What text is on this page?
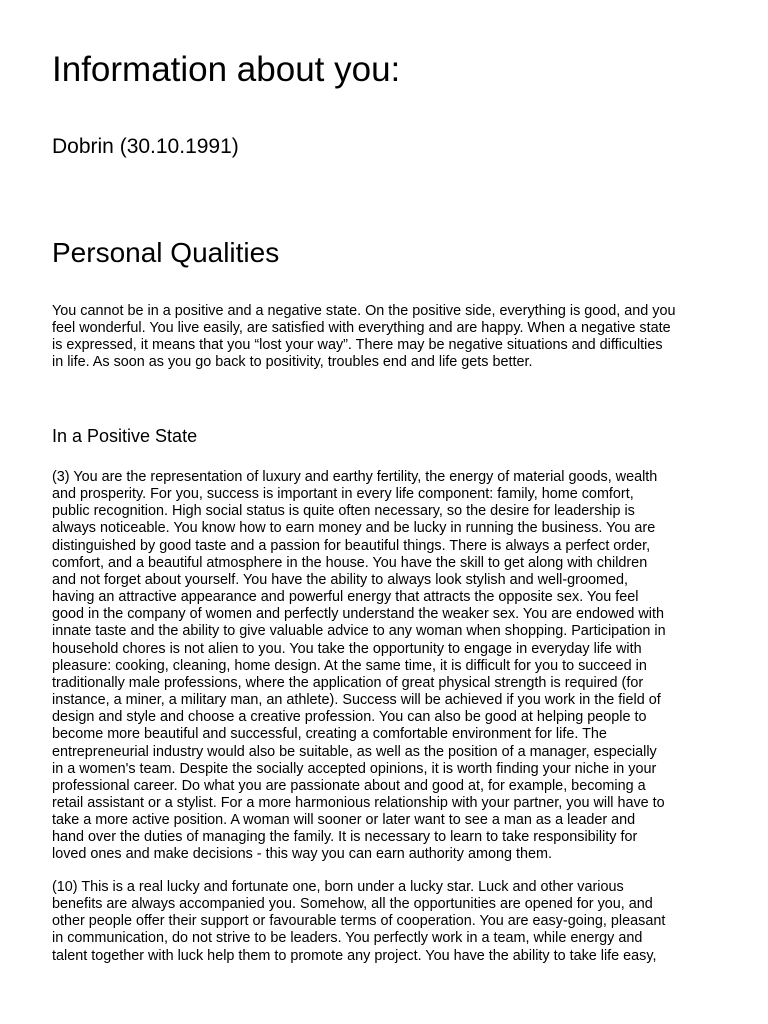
Information about you:
Dobrin (30.10.1991)
Personal Qualities

You cannot be in a positive and a negative state. On the positive side, everything is good, and you
feel wonderful. You live easily, are satisfied with everything and are happy. When a negative state
is expressed, it means that you “lost your way”. There may be negative situations and difficulties
in life. As soon as you go back to positivity, troubles end and life gets better.

In a Positive State

(3) You are the representation of luxury and earthy fertility, the energy of material goods, wealth
and prosperity. For you, success is important in every life component: family, home comfort,
public recognition. High social status is quite often necessary, so the desire for leadership is
always noticeable. You know how to earn money and be lucky in running the business. You are
distinguished by good taste and a passion for beautiful things. There is always a perfect order,
comfort, and a beautiful atmosphere in the house. You have the skill to get along with children
and not forget about yourself. You have the ability to always look stylish and well-groomed,
having an attractive appearance and powerful energy that attracts the opposite sex. You feel
good in the company of women and perfectly understand the weaker sex. You are endowed with
innate taste and the ability to give valuable advice to any woman when shopping. Participation in
household chores is not alien to you. You take the opportunity to engage in everyday life with
pleasure: cooking, cleaning, home design. At the same time, it is difficult for you to succeed in
traditionally male professions, where the application of great physical strength is required (for
instance, a miner, a military man, an athlete). Success will be achieved if you work in the field of
design and style and choose a creative profession. You can also be good at helping people to
become more beautiful and successful, creating a comfortable environment for life. The
entrepreneurial industry would also be suitable, as well as the position of a manager, especially
in a women's team. Despite the socially accepted opinions, it is worth finding your niche in your
professional career. Do what you are passionate about and good at, for example, becoming a
retail assistant or a stylist. For a more harmonious relationship with your partner, you will have to
take a more active position. A woman will sooner or later want to see a man as a leader and
hand over the duties of managing the family. It is necessary to learn to take responsibility for
loved ones and make decisions - this way you can earn authority among them.

(10) This is a real lucky and fortunate one, born under a lucky star. Luck and other various
benefits are always accompanied you. Somehow, all the opportunities are opened for you, and
other people offer their support or favourable terms of cooperation. You are easy-going, pleasant
in communication, do not strive to be leaders. You perfectly work in a team, while energy and
talent together with luck help them to promote any project. You have the ability to take life easy,
